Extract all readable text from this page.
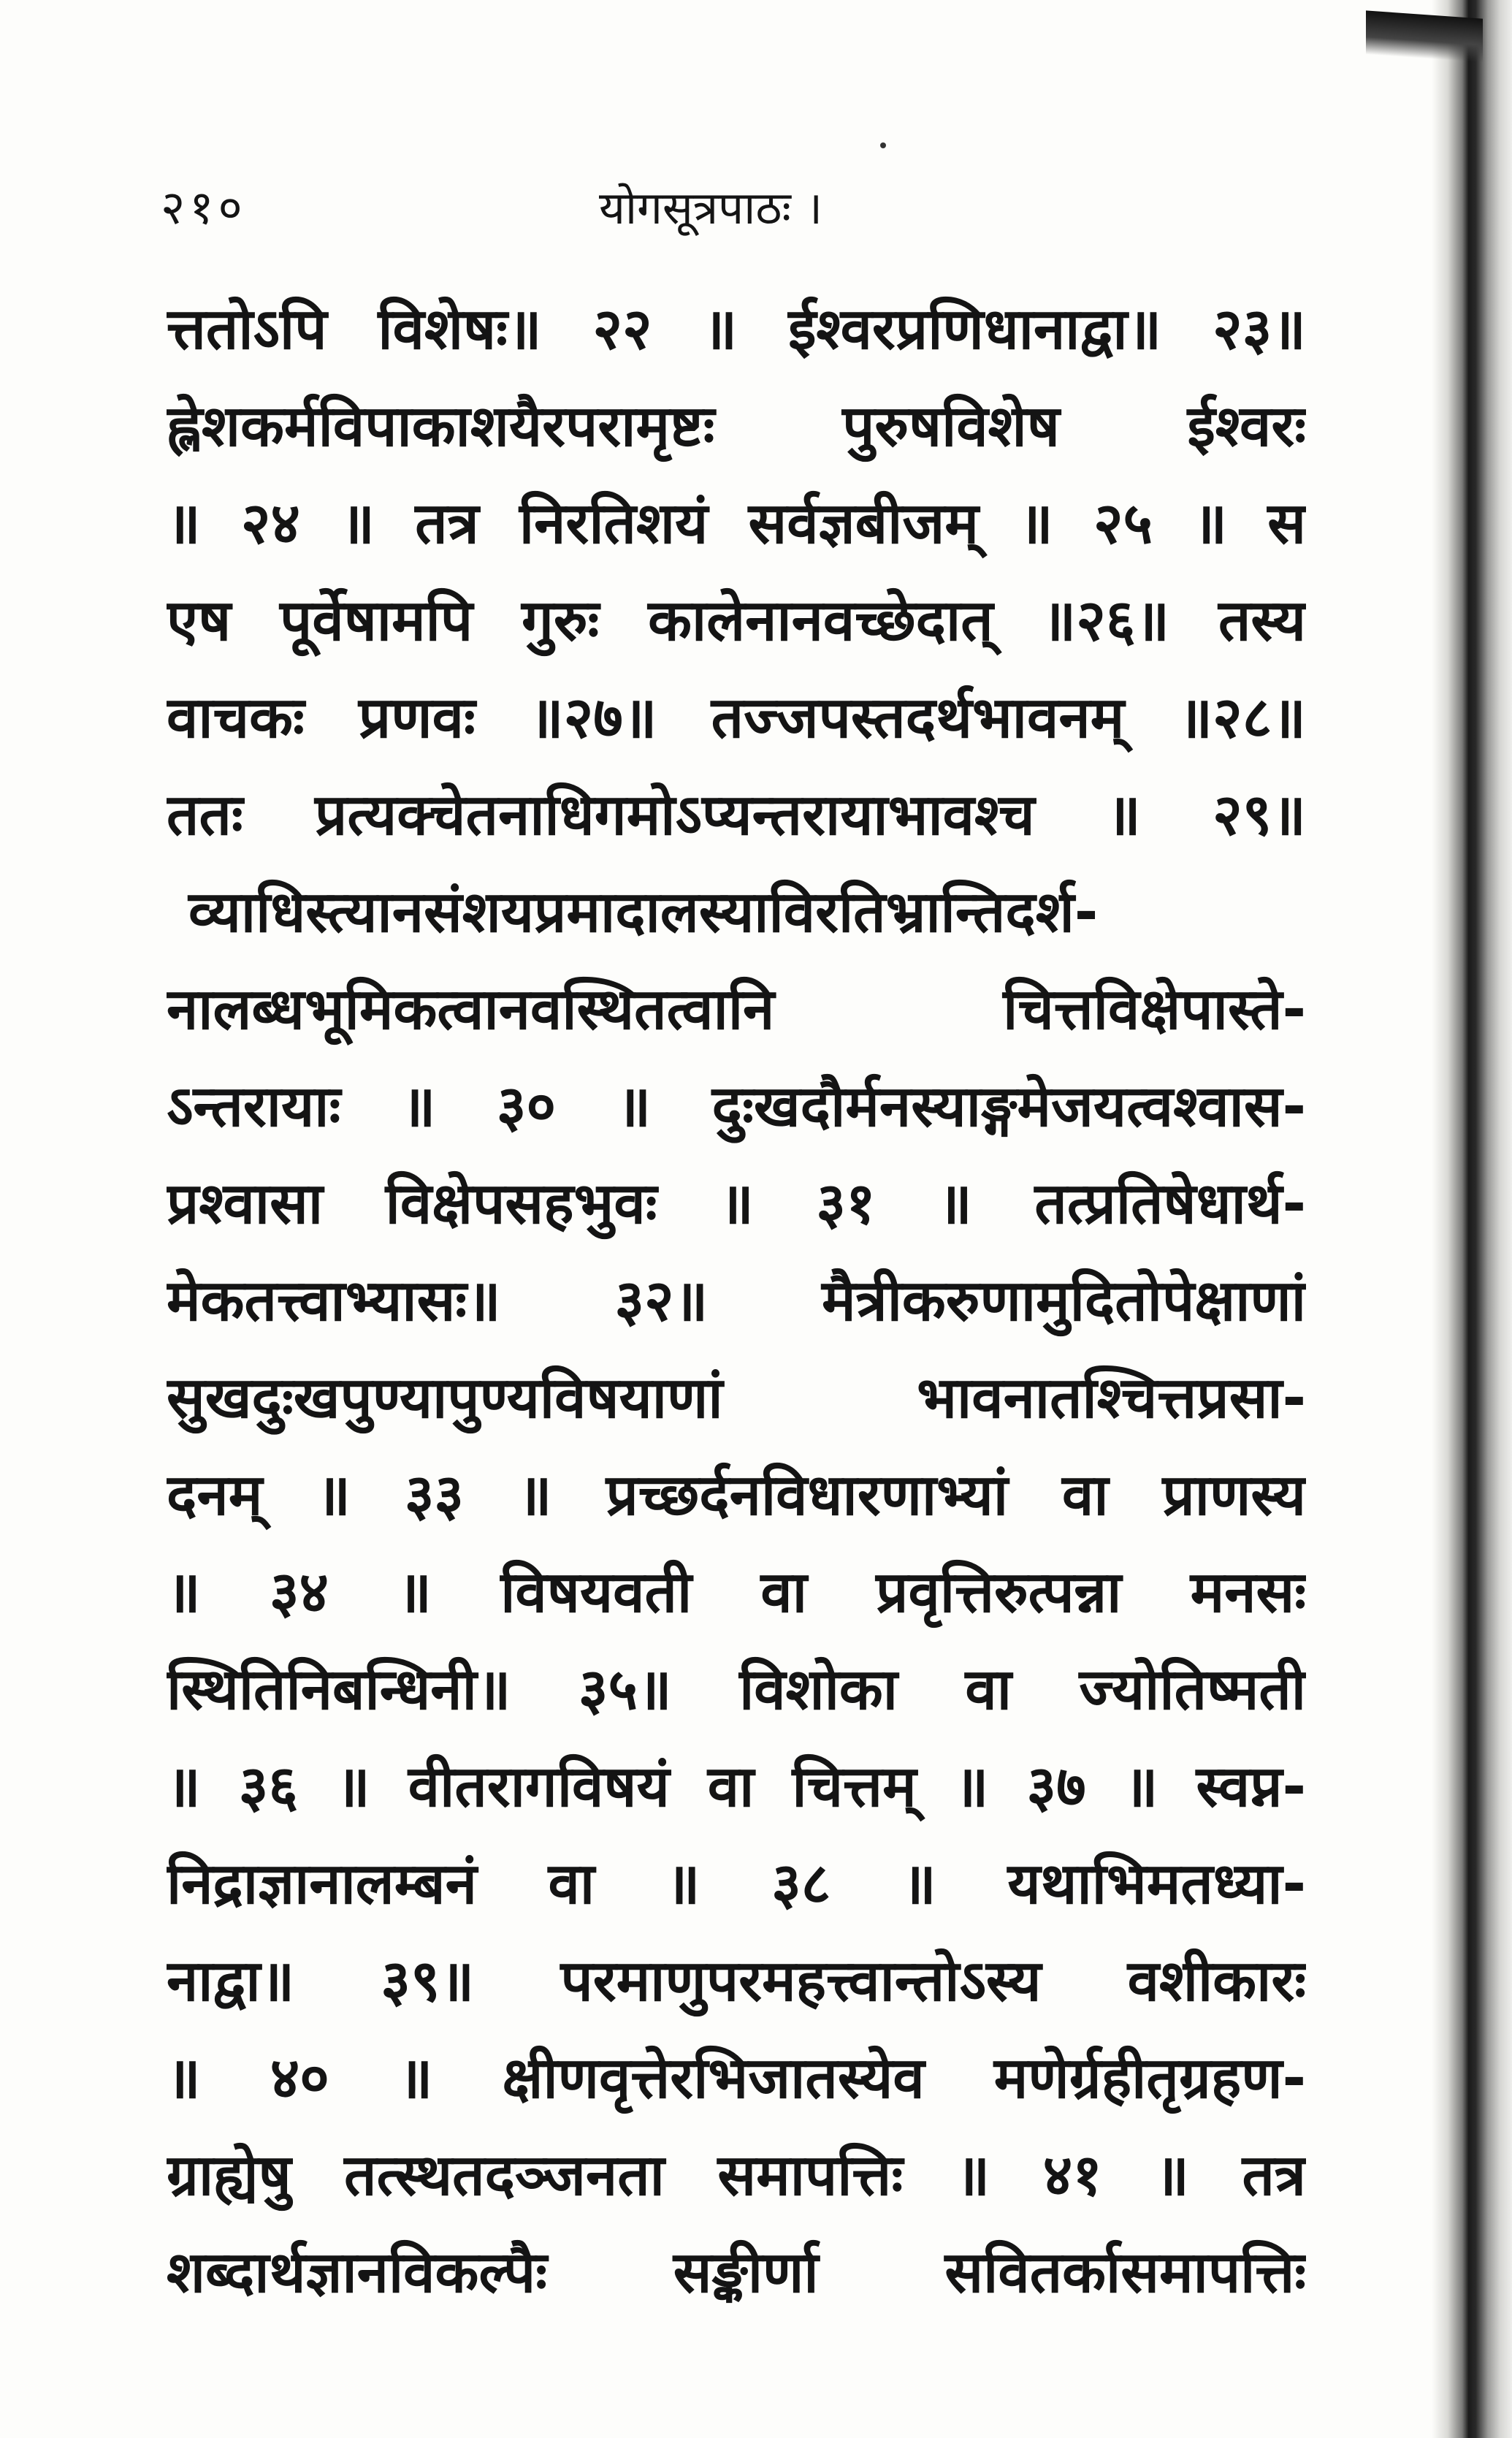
२१०	योगसूत्रपाठः ।
त्ततोऽपि विशेषः॥ २२ ॥ ईश्वरप्रणिधानाद्वा॥ २३॥
ह्लेशकर्मविपाकाशयैरपरामृष्टः पुरुषविशेष ईश्वरः
॥ २४ ॥ तत्र निरतिशयं सर्वज्ञबीजम् ॥ २५ ॥ स
एष पूर्वेषामपि गुरुः कालेनानवच्छेदात् ॥२६॥ तस्य
वाचकः प्रणवः ॥२७॥ तज्जपस्तदर्थभावनम् ॥२८॥
ततः प्रत्यक्चेतनाधिगमोऽप्यन्तरायाभावश्च ॥ २९॥
व्याधिस्त्यानसंशयप्रमादालस्याविरतिभ्रान्तिदर्श-
नालब्धभूमिकत्वानवस्थितत्वानि चित्तविक्षेपास्ते-
ऽन्तरायाः ॥ ३० ॥ दुःखदौर्मनस्याङ्गमेजयत्वश्वास-
प्रश्वासा विक्षेपसहभुवः ॥ ३१ ॥ तत्प्रतिषेधार्थ-
मेकतत्त्वाभ्यासः॥ ३२॥ मैत्रीकरुणामुदितोपेक्षाणां
सुखदुःखपुण्यापुण्यविषयाणां भावनातश्चित्तप्रसा-
दनम् ॥ ३३ ॥ प्रच्छर्दनविधारणाभ्यां वा प्राणस्य
॥ ३४ ॥ विषयवती वा प्रवृत्तिरुत्पन्ना मनसः
स्थितिनिबन्धिनी॥ ३५॥ विशोका वा ज्योतिष्मती
॥ ३६ ॥ वीतरागविषयं वा चित्तम् ॥ ३७ ॥ स्वप्न-
निद्राज्ञानालम्बनं वा ॥ ३८ ॥ यथाभिमतध्या-
नाद्वा॥ ३९॥ परमाणुपरमहत्त्वान्तोऽस्य वशीकारः
॥ ४० ॥ क्षीणवृत्तेरभिजातस्येव मणेर्ग्रहीतृग्रहण-
ग्राह्येषु तत्स्थतदञ्जनता समापत्तिः ॥ ४१ ॥ तत्र
शब्दार्थज्ञानविकल्पैः सङ्कीर्णा सवितर्कासमापत्तिः
